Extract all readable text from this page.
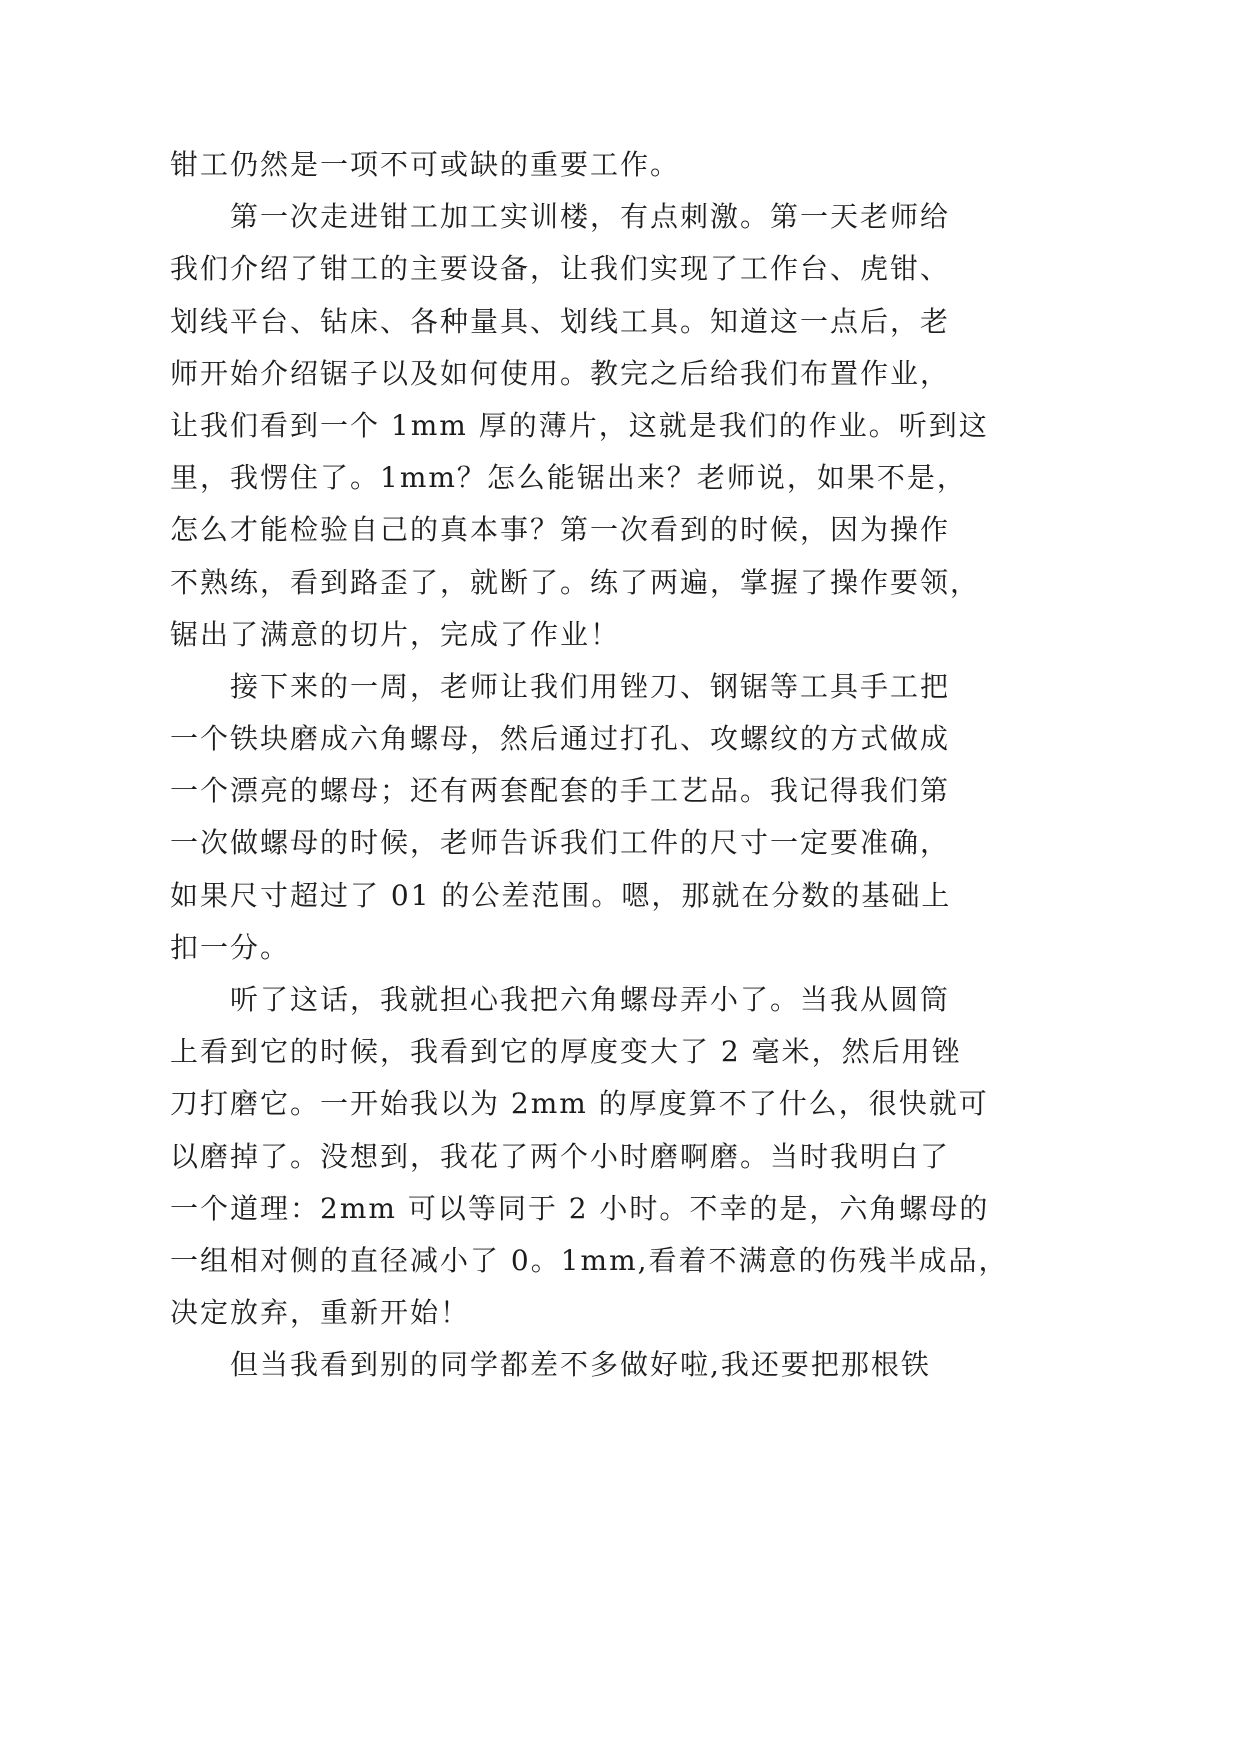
钳工仍然是一项不可或缺的重要工作。
第一次走进钳工加工实训楼，有点刺激。第一天老师给
我们介绍了钳工的主要设备，让我们实现了工作台、虎钳、
划线平台、钻床、各种量具、划线工具。知道这一点后，老
师开始介绍锯子以及如何使用。教完之后给我们布置作业，
让我们看到一个 1mm 厚的薄片，这就是我们的作业。听到这
里，我愣住了。1mm？怎么能锯出来？老师说，如果不是，
怎么才能检验自己的真本事？第一次看到的时候，因为操作
不熟练，看到路歪了，就断了。练了两遍，掌握了操作要领，
锯出了满意的切片，完成了作业！
接下来的一周，老师让我们用锉刀、钢锯等工具手工把
一个铁块磨成六角螺母，然后通过打孔、攻螺纹的方式做成
一个漂亮的螺母；还有两套配套的手工艺品。我记得我们第
一次做螺母的时候，老师告诉我们工件的尺寸一定要准确，
如果尺寸超过了 01 的公差范围。嗯，那就在分数的基础上
扣一分。
听了这话，我就担心我把六角螺母弄小了。当我从圆筒
上看到它的时候，我看到它的厚度变大了 2 毫米，然后用锉
刀打磨它。一开始我以为 2mm 的厚度算不了什么，很快就可
以磨掉了。没想到，我花了两个小时磨啊磨。当时我明白了
一个道理：2mm 可以等同于 2 小时。不幸的是，六角螺母的
一组相对侧的直径减小了 0。1mm,看着不满意的伤残半成品，
决定放弃，重新开始！
但当我看到别的同学都差不多做好啦,我还要把那根铁
